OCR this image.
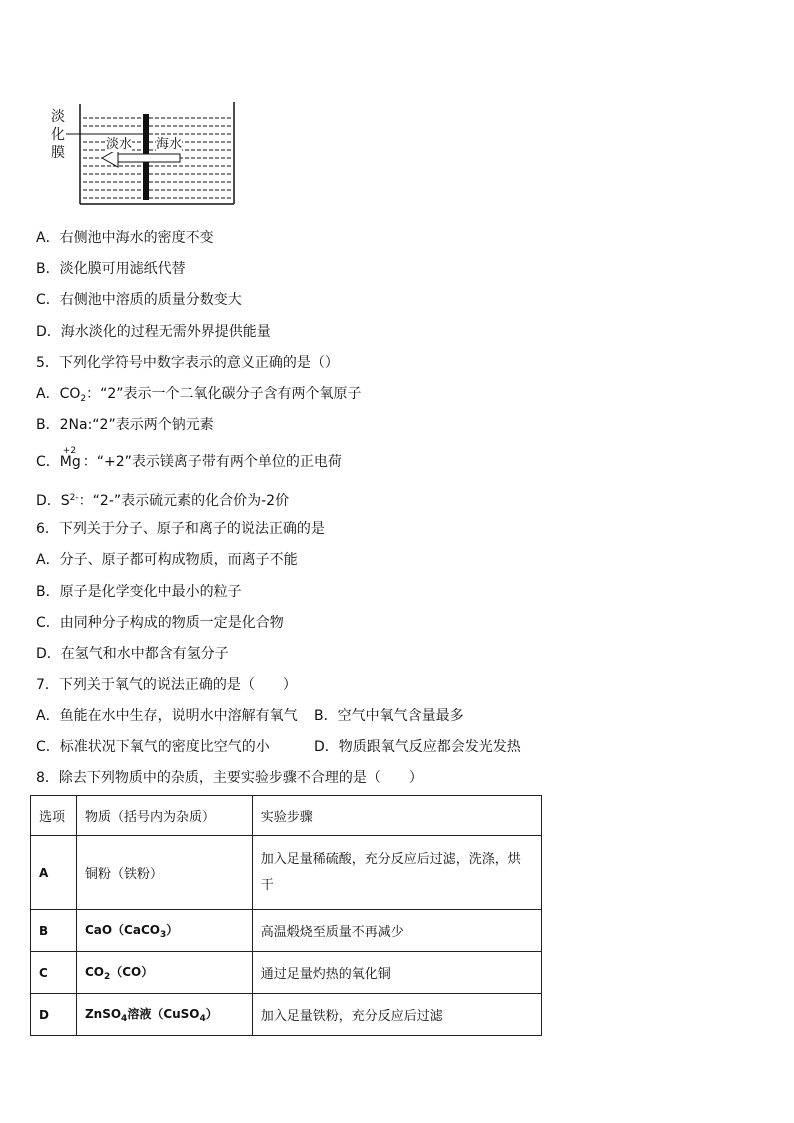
淡化膜
淡水 海水
A．右侧池中海水的密度不变
B．淡化膜可用滤纸代替
C．右侧池中溶质的质量分数变大
D．海水淡化的过程无需外界提供能量
5．下列化学符号中数字表示的意义正确的是（）
A．$CO_2$：“2”表示一个二氧化碳分子含有两个氧原子
B．2Na:“2”表示两个钠元素
C．
+2
Mg ：“+2”表示镁离子带有两个单位的正电荷
D．$S^{2-}$：“2-”表示硫元素的化合价为-2价
6．下列关于分子、原子和离子的说法正确的是
A．分子、原子都可构成物质，而离子不能
B．原子是化学变化中最小的粒子
C．由同种分子构成的物质一定是化合物
D．在氢气和水中都含有氢分子
7．下列关于氧气的说法正确的是（　　）
A．鱼能在水中生存，说明水中溶解有氧气 B．空气中氧气含量最多
C．标准状况下氧气的密度比空气的小	D．物质跟氧气反应都会发光发热
8．除去下列物质中的杂质，主要实验步骤不合理的是（　　）
选项	物质（括号内为杂质）	实验步骤
A	铜粉（铁粉）	加入足量稀硫酸，充分反应后过滤，洗涤，烘干
B	CaO（CaCO$_3$）	高温煅烧至质量不再减少
C	$CO_2(CO)$	通过足量灼热的氧化铜
D	ZnSO$_4$溶液（CuSO$_4$）	加入足量铁粉，充分反应后过滤
